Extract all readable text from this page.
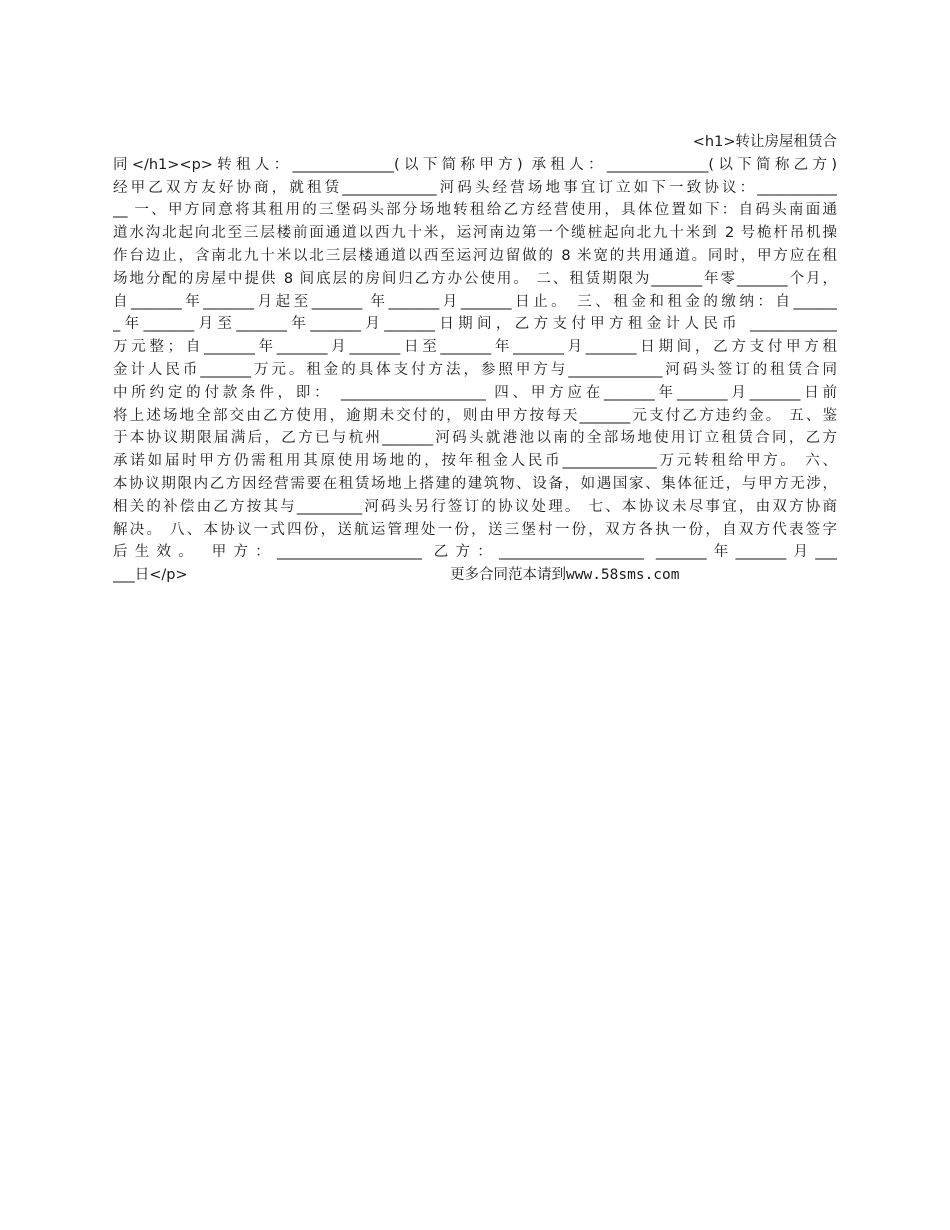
<h1>转让房屋租赁合
同</h1><p>转租人：______________(以下简称甲方) 承租人：______________(以下简称乙方)
经甲乙双方友好协商，就租赁_____________河码头经营场地事宜订立如下一致协议：___________
__ 一、甲方同意将其租用的三堡码头部分场地转租给乙方经营使用，具体位置如下：自码头南面通
道水沟北起向北至三层楼前面通道以西九十米，运河南边第一个缆桩起向北九十米到 2 号桅杆吊机操
作台边止，含南北九十米以北三层楼通道以西至运河边留做的 8 米宽的共用通道。同时，甲方应在租
场地分配的房屋中提供 8 间底层的房间归乙方办公使用。 二、租赁期限为_______年零_______个月，
自_______年_______月起至_______ 年_______月_______日止。 三、租金和租金的缴纳：自______
_年_______月至_______年_______月_______日期间，乙方支付甲方租金计人民币 ____________
万元整；自_______年_______月_______日至_______年_______月_______日期间，乙方支付甲方租
金计人民币_______万元。租金的具体支付方法，参照甲方与_____________河码头签订的租赁合同
中所约定的付款条件，即： ____________________ 四、甲方应在_______年_______月_______日前
将上述场地全部交由乙方使用，逾期未交付的，则由甲方按每天_______元支付乙方违约金。 五、鉴
于本协议期限届满后，乙方已与杭州_______河码头就港池以南的全部场地使用订立租赁合同，乙方
承诺如届时甲方仍需租用其原使用场地的，按年租金人民币_____________万元转租给甲方。 六、
本协议期限内乙方因经营需要在租赁场地上搭建的建筑物、设备，如遇国家、集体征迁，与甲方无涉，
相关的补偿由乙方按其与_________河码头另行签订的协议处理。 七、本协议未尽事宜，由双方协商
解决。 八、本协议一式四份，送航运管理处一份，送三堡村一份，双方各执一份，自双方代表签字
后生效。 甲方：____________________ 乙方：____________________ _______年_______月___
___日</p>	更多合同范本请到www.58sms.com
